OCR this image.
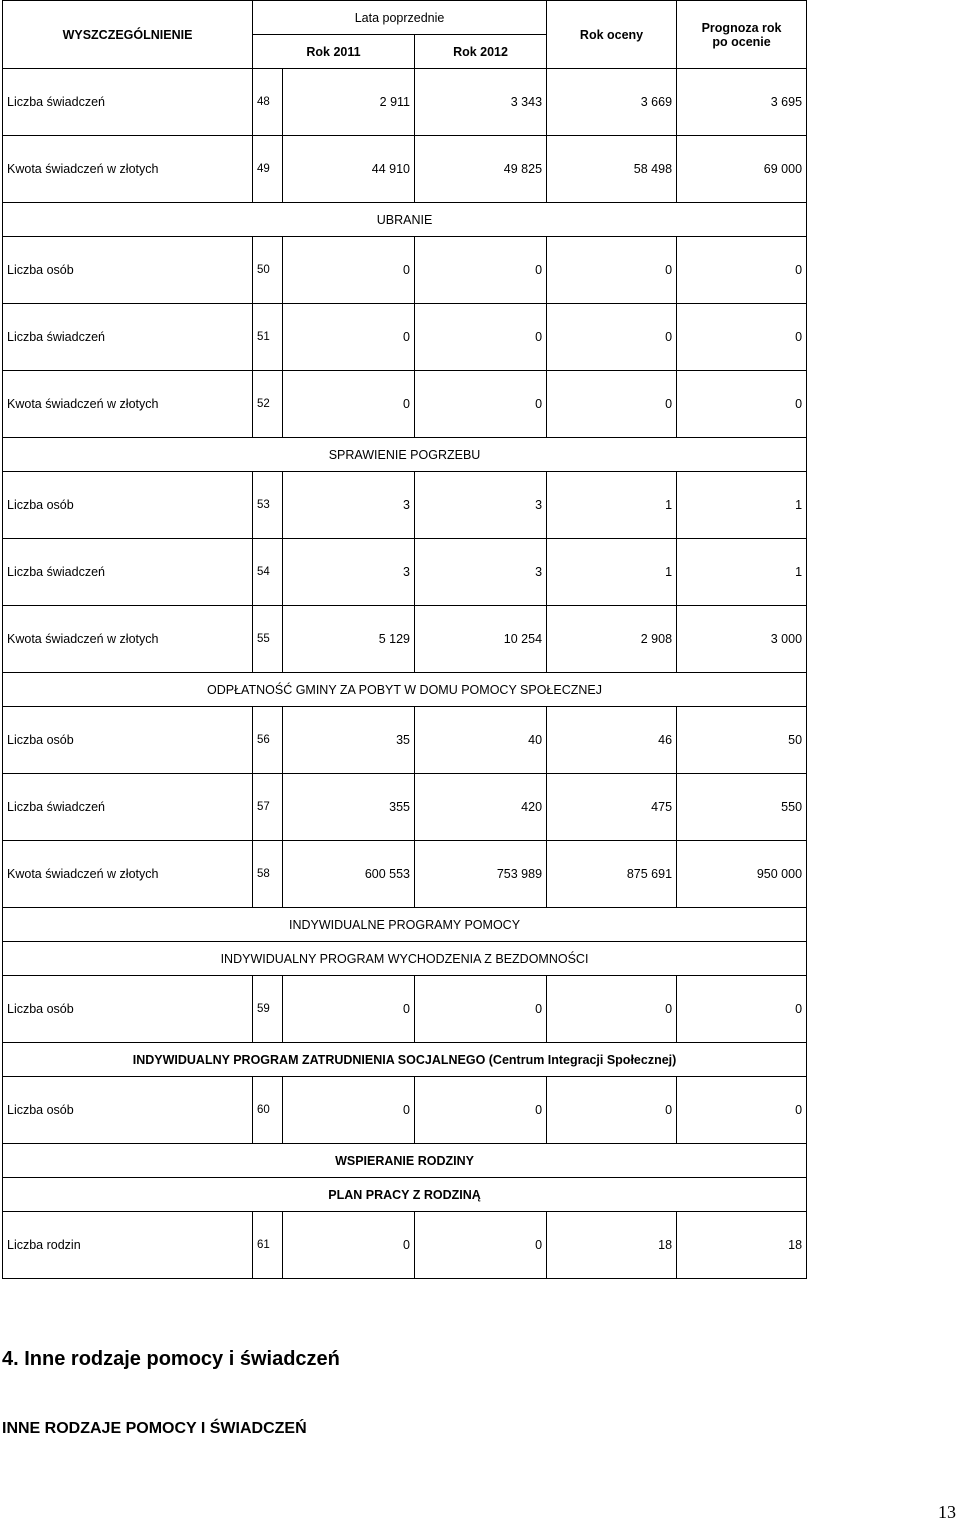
WYSZCZEGÓLNIENIE	Lata poprzednie			Rok oceny	Prognoza rok
po ocenie
	Rok 2011		Rok 2012		
Liczba świadczeń	48	2 911	3 343	3 669	3 695
Kwota świadczeń w złotych	49	44 910	49 825	58 498	69 000
UBRANIE					
Liczba osób	50	0	0	0	0
Liczba świadczeń	51	0	0	0	0
Kwota świadczeń w złotych	52	0	0	0	0
SPRAWIENIE POGRZEBU					
Liczba osób	53	3	3	1	1
Liczba świadczeń	54	3	3	1	1
Kwota świadczeń w złotych	55	5 129	10 254	2 908	3 000
ODPŁATNOŚĆ GMINY ZA POBYT W DOMU POMOCY SPOŁECZNEJ					
Liczba osób	56	35	40	46	50
Liczba świadczeń	57	355	420	475	550
Kwota świadczeń w złotych	58	600 553	753 989	875 691	950 000
INDYWIDUALNE PROGRAMY POMOCY					
INDYWIDUALNY PROGRAM WYCHODZENIA Z BEZDOMNOŚCI					
Liczba osób	59	0	0	0	0
INDYWIDUALNY PROGRAM ZATRUDNIENIA SOCJALNEGO (Centrum Integracji Społecznej)					
Liczba osób	60	0	0	0	0
WSPIERANIE RODZINY					
PLAN PRACY Z RODZINĄ					
Liczba rodzin	61	0	0	18	18
4. Inne rodzaje pomocy i świadczeń
INNE RODZAJE POMOCY I ŚWIADCZEŃ
13
